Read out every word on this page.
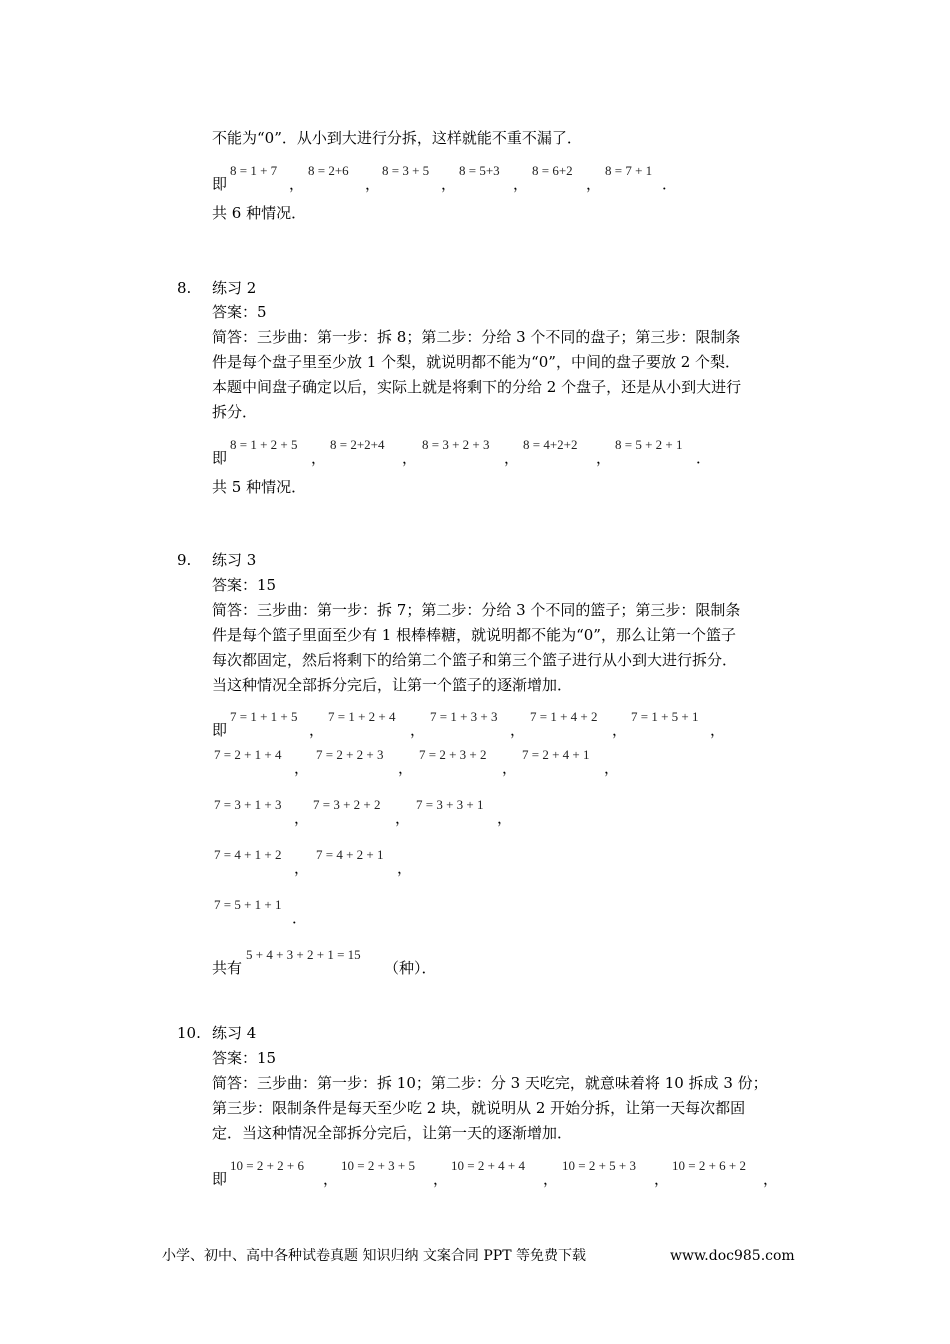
不能为“0”．从小到大进行分拆，这样就能不重不漏了．
即
8 = 1 + 7
，
8 = 2+6
，
8 = 3 + 5
，
8 = 5+3
，
8 = 6+2
，
8 = 7 + 1
．
共 6 种情况．
8. 练习 2
答案：5
简答：三步曲：第一步：拆 8；第二步：分给 3 个不同的盘子；第三步：限制条
件是每个盘子里至少放 1 个梨，就说明都不能为“0”，中间的盘子要放 2 个梨．
本题中间盘子确定以后，实际上就是将剩下的分给 2 个盘子，还是从小到大进行
拆分．
即
8 = 1 + 2 + 5
，
8 = 2+2+4
，
8 = 3 + 2 + 3
，
8 = 4+2+2
，
8 = 5 + 2 + 1
．
共 5 种情况．
9. 练习 3
答案：15
简答：三步曲：第一步：拆 7；第二步：分给 3 个不同的篮子；第三步：限制条
件是每个篮子里面至少有 1 根棒棒糖，就说明都不能为“0”，那么让第一个篮子
每次都固定，然后将剩下的给第二个篮子和第三个篮子进行从小到大进行拆分．
当这种情况全部拆分完后，让第一个篮子的逐渐增加．
即
7 = 1 + 1 + 5
，
7 = 1 + 2 + 4
，
7 = 1 + 3 + 3
，
7 = 1 + 4 + 2
，
7 = 1 + 5 + 1
，
7 = 2 + 1 + 4
，
7 = 2 + 2 + 3
，
7 = 2 + 3 + 2
，
7 = 2 + 4 + 1
，
7 = 3 + 1 + 3
，
7 = 3 + 2 + 2
，
7 = 3 + 3 + 1
，
7 = 4 + 1 + 2
，
7 = 4 + 2 + 1
，
7 = 5 + 1 + 1
．
共有
5 + 4 + 3 + 2 + 1 = 15
（种）．
10. 练习 4
答案：15
简答：三步曲：第一步：拆 10；第二步：分 3 天吃完，就意味着将 10 拆成 3 份；
第三步：限制条件是每天至少吃 2 块，就说明从 2 开始分拆，让第一天每次都固
定．当这种情况全部拆分完后，让第一天的逐渐增加．
即
10 = 2 + 2 + 6
，
10 = 2 + 3 + 5
，
10 = 2 + 4 + 4
，
10 = 2 + 5 + 3
，
10 = 2 + 6 + 2
，
小学、初中、高中各种试卷真题 知识归纳 文案合同 PPT 等免费下载	www.doc985.com
